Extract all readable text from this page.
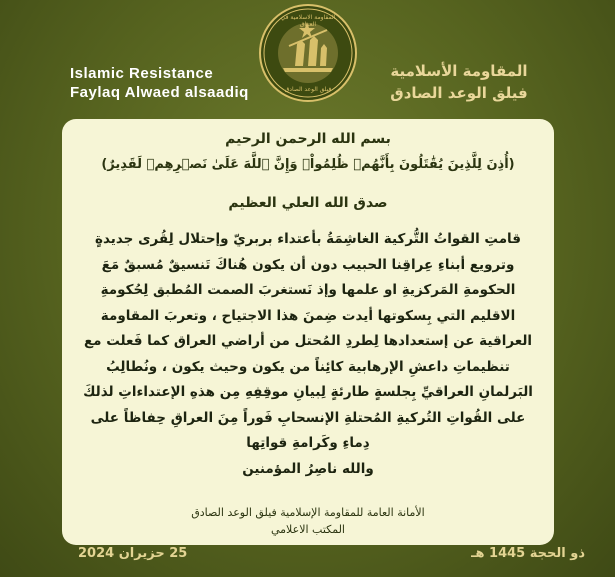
المقاومة الاسلامية في العراق
فيلق الوعد الصادق
Islamic Resistance
Faylaq Alwaed alsaadiq
المقاومة الأسلامية
فيلق الوعد الصادق
بسم الله الرحمن الرحيم
(أُذِنَ لِلَّذِينَ يُقَٰتَلُونَ بِأَنَّهُمۡ ظُلِمُواْۚ وَإِنَّ ٱللَّهَ عَلَىٰ نَصۡرِهِمۡ لَقَدِيرٌ)
صدق الله العلي العظيم
قامتِ القواتُ التُّركية الغاشِمَةُ بأعتداء بربريّ وإحتلال لِقُرى جديدةٍ
وترويع أبناءِ عِراقِنا الحبيب دون أن يكون هُناكَ تَنسيقٌ مُسبقٌ مَعَ
الحكومةِ المَركزيةِ او علمها وإذ نَستغربَ الصمت المُطبق لِحُكومةِ
الاقليم التي بِسكوتها أيدت ضِمنَ هذا الاجتياح ، وتعربَ المقاومة
العراقية عن إستعدادها لِطردِ المُحتل من أراضي العراق كما فَعلت مع
تنظيماتِ داعشِ الإرهابية كائِناً من يكون وحيث يكون ، ونُطالِبُ
البَرلمانِ العراقيِّ بِجلسةٍ طارئةٍ لِبيانِ موقِفِهِ مِن هذهِ الإعتداءاتِ لذلكَ
على القُواتِ التُركيةِ المُحتلةِ الإنسحابِ فَوراً مِنَ العراقِ حِفاظاً على
دِماءِ وكَرامةِ قواتِها
والله ناصِرُ المؤمنين
الأمانة العامة للمقاومة الإسلامية فيلق الوعد الصادق
المكتب الاعلامي
ذو الحجة 1445 هـ
25 حزيران 2024
